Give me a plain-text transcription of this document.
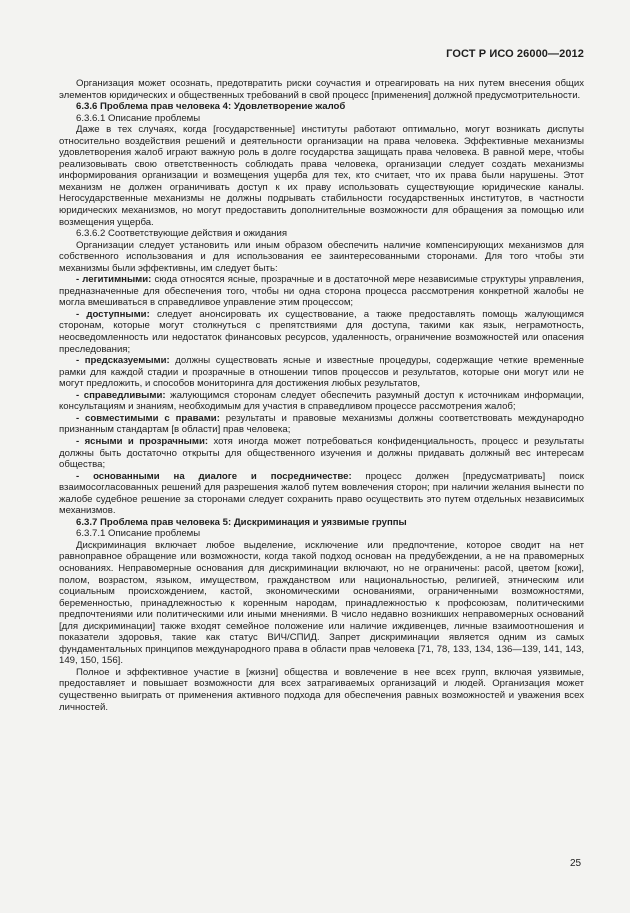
ГОСТ Р ИСО 26000—2012

Организация может осознать, предотвратить риски соучастия и отреагировать на них путем внесения общих элементов юридических и общественных требований в свой процесс [применения] должной предусмотрительности.

6.3.6 Проблема прав человека 4: Удовлетворение жалоб

6.3.6.1 Описание проблемы

Даже в тех случаях, когда [государственные] институты работают оптимально, могут возникать диспуты относительно воздействия решений и деятельности организации на права человека. Эффективные механизмы удовлетворения жалоб играют важную роль в долге государства защищать права человека. В равной мере, чтобы реализовывать свою ответственность соблюдать права человека, организации следует создать механизмы информирования организации и возмещения ущерба для тех, кто считает, что их права были нарушены. Этот механизм не должен ограничивать доступ к их праву использовать существующие юридические каналы. Негосударственные механизмы не должны подрывать стабильности государственных институтов, в частности юридических механизмов, но могут предоставить дополнительные возможности для обращения за помощью или возмещения ущерба.

6.3.6.2 Соответствующие действия и ожидания

Организации следует установить или иным образом обеспечить наличие компенсирующих механизмов для собственного использования и для использования ее заинтересованными сторонами. Для того чтобы эти механизмы были эффективны, им следует быть:

- легитимными: сюда относятся ясные, прозрачные и в достаточной мере независимые структуры управления, предназначенные для обеспечения того, чтобы ни одна сторона процесса рассмотрения конкретной жалобы не могла вмешиваться в справедливое управление этим процессом;

- доступными: следует анонсировать их существование, а также предоставлять помощь жалующимся сторонам, которые могут столкнуться с препятствиями для доступа, такими как язык, неграмотность, неосведомленность или недостаток финансовых ресурсов, удаленность, ограничение возможностей или опасения преследования;

- предсказуемыми: должны существовать ясные и известные процедуры, содержащие четкие временные рамки для каждой стадии и прозрачные в отношении типов процессов и результатов, которые они могут или не могут предложить, и способов мониторинга для достижения любых результатов,

- справедливыми: жалующимся сторонам следует обеспечить разумный доступ к источникам информации, консультациям и знаниям, необходимым для участия в справедливом процессе рассмотрения жалоб;

- совместимыми с правами: результаты и правовые механизмы должны соответствовать международно признанным стандартам [в области] прав человека;

- ясными и прозрачными: хотя иногда может потребоваться конфиденциальность, процесс и результаты должны быть достаточно открыты для общественного изучения и должны придавать должный вес интересам общества;

- основанными на диалоге и посредничестве: процесс должен [предусматривать] поиск взаимосогласованных решений для разрешения жалоб путем вовлечения сторон; при наличии желания вынести по жалобе судебное решение за сторонами следует сохранить право осуществить это путем отдельных независимых механизмов.

6.3.7 Проблема прав человека 5: Дискриминация и уязвимые группы

6.3.7.1 Описание проблемы

Дискриминация включает любое выделение, исключение или предпочтение, которое сводит на нет равноправное обращение или возможности, когда такой подход основан на предубеждении, а не на правомерных основаниях. Неправомерные основания для дискриминации включают, но не ограничены: расой, цветом [кожи], полом, возрастом, языком, имуществом, гражданством или национальностью, религией, этническим или социальным происхождением, кастой, экономическими основаниями, ограниченными возможностями, беременностью, принадлежностью к коренным народам, принадлежностью к профсоюзам, политическими предпочтениями или политическими или иными мнениями. В число недавно возникших неправомерных оснований [для дискриминации] также входят семейное положение или наличие иждивенцев, личные взаимоотношения и показатели здоровья, такие как статус ВИЧ/СПИД. Запрет дискриминации является одним из самых фундаментальных принципов международного права в области прав человека [71, 78, 133, 134, 136—139, 141, 143, 149, 150, 156].

Полное и эффективное участие в [жизни] общества и вовлечение в нее всех групп, включая уязвимые, предоставляет и повышает возможности для всех затрагиваемых организаций и людей. Организация может существенно выиграть от применения активного подхода для обеспечения равных возможностей и уважения всех личностей.

25
